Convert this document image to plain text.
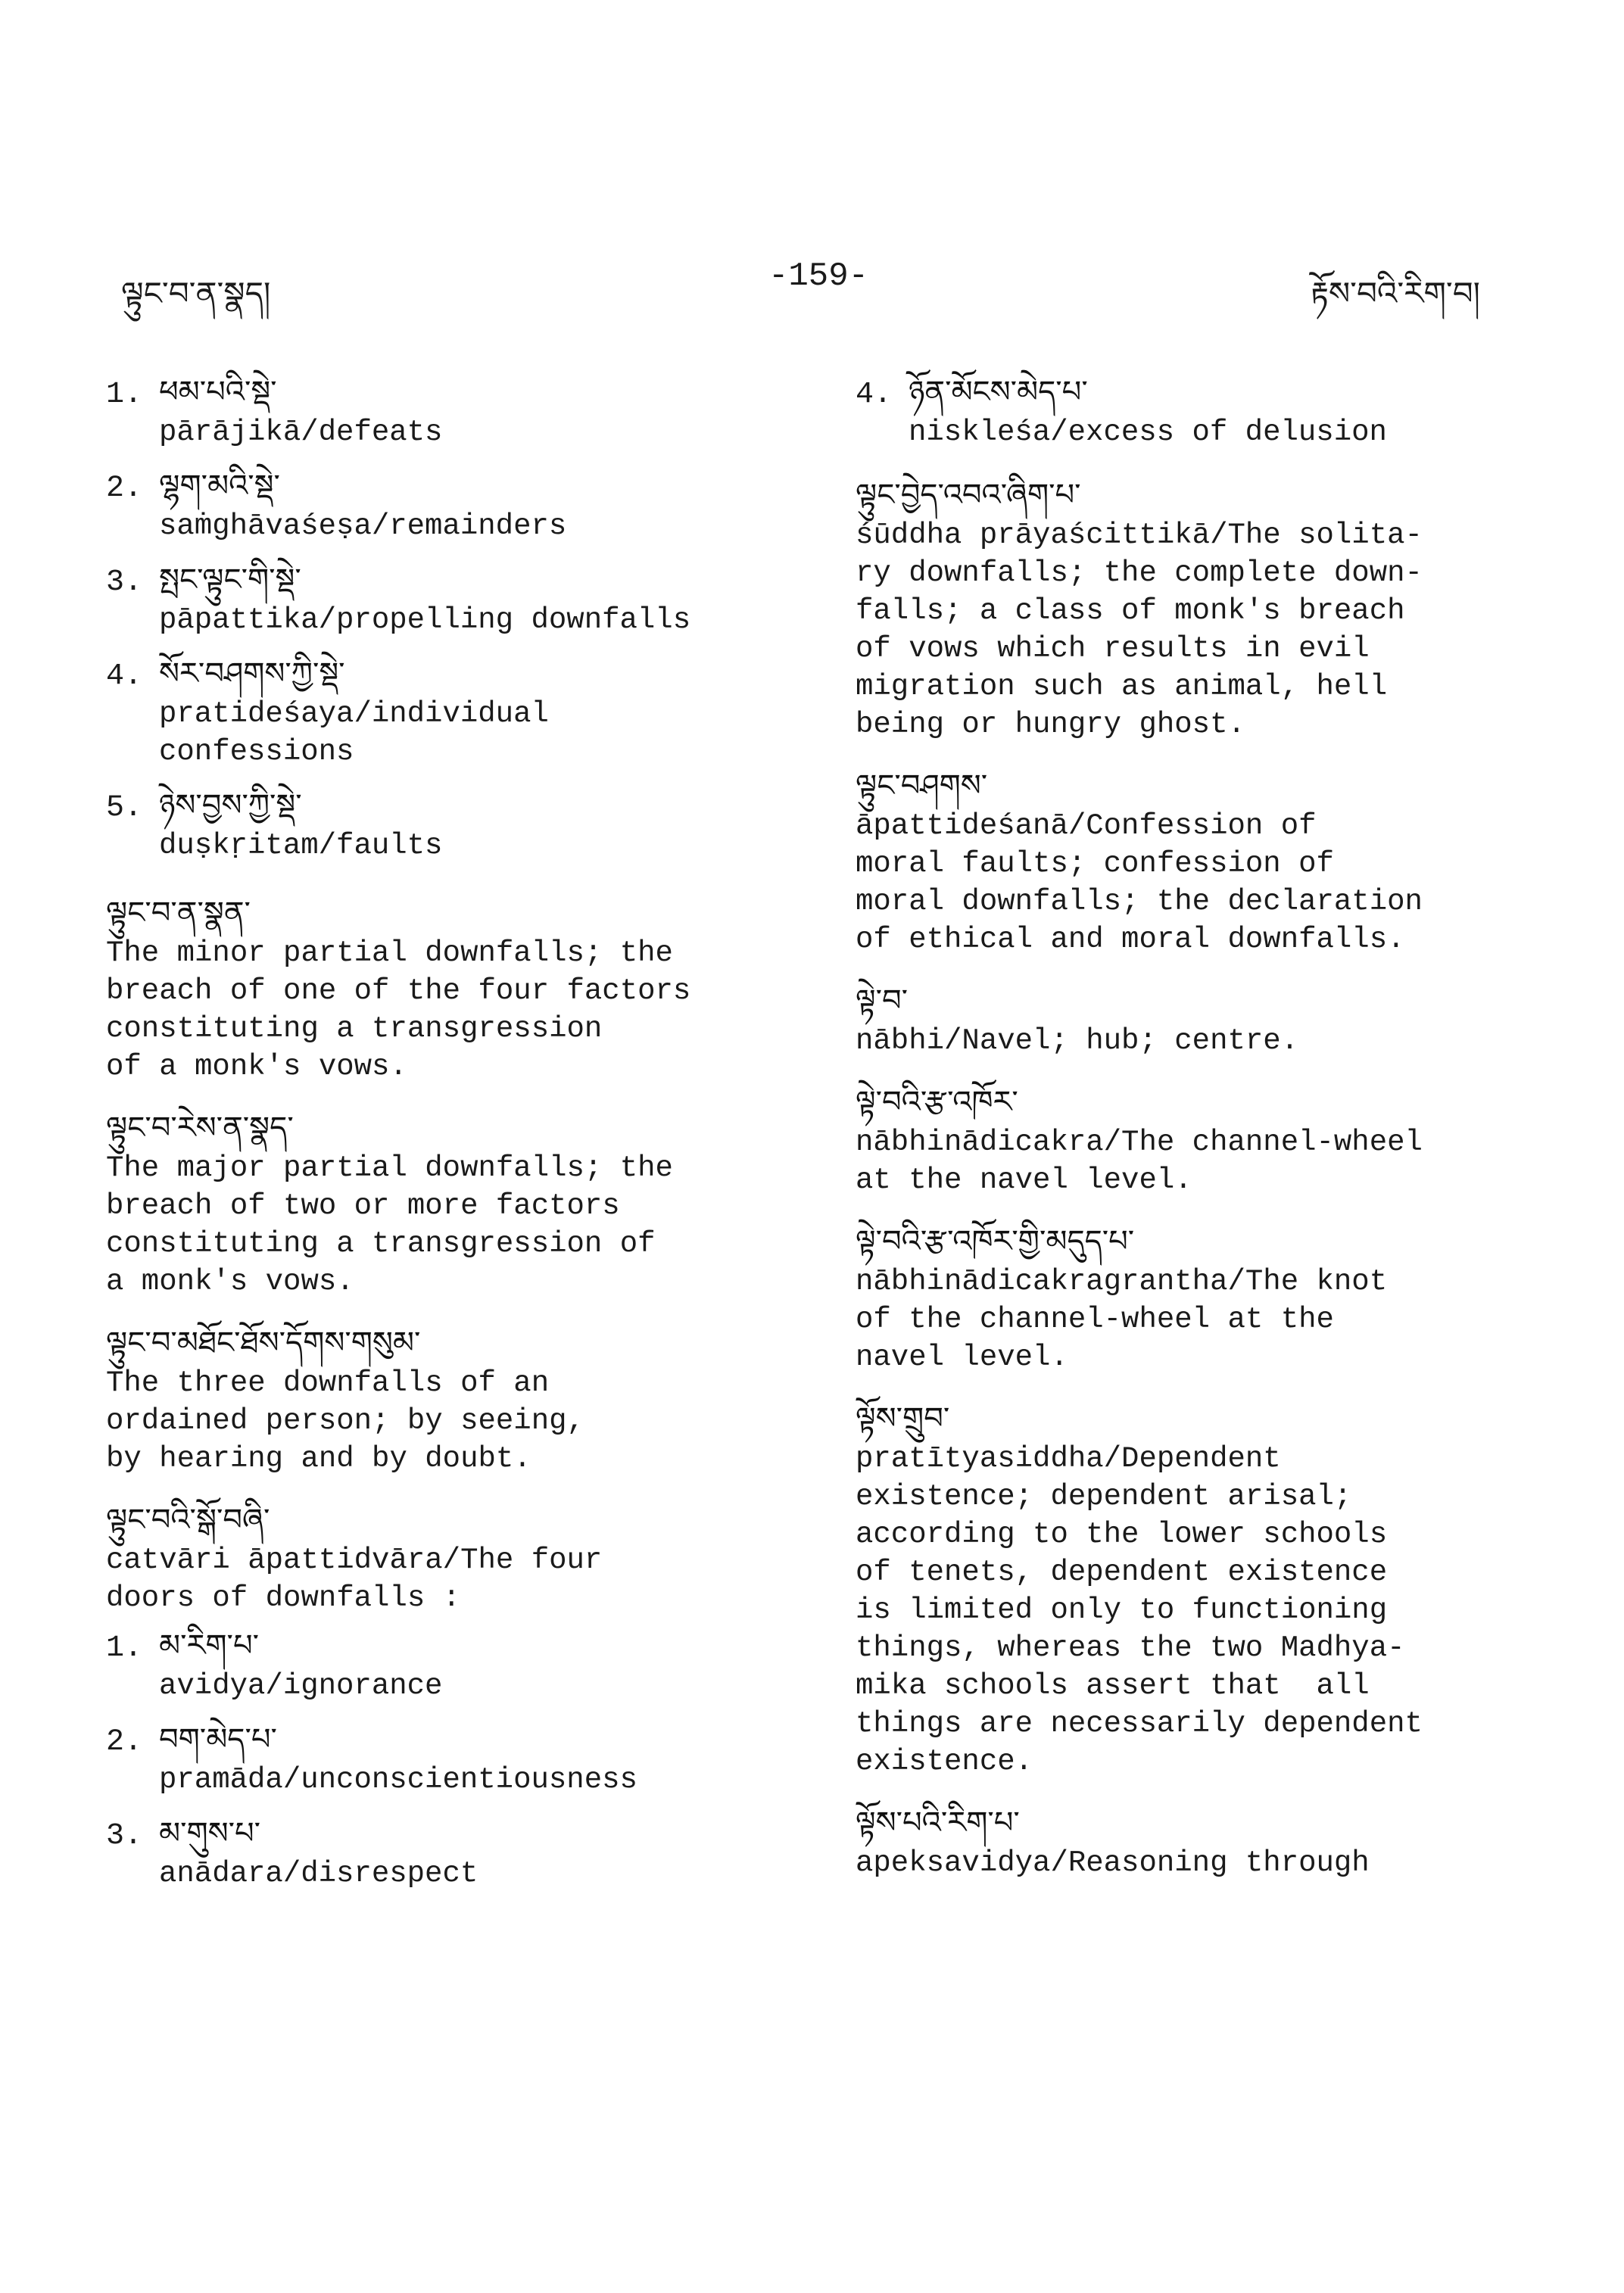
ལྟུང་བ་ན་སྣད།	-159-	རྟོས་བའི་རིག་བ།
1. ཕམ་པའི་སྡེ་
pārājikā/defeats
2. ལྷག་མའི་སྡེ་
saṁghāvaśeṣa/remainders
3. སྤང་ལྟུང་གི་སྡེ་
pāpattika/propelling downfalls
4. སོར་བཤགས་ཀྱི་སྡེ་
pratideśaya/individual
confessions
5. ཉེས་བྱས་ཀྱི་སྡེ་
duṣkṛitam/faults
ལྟུང་བ་ན་སྣན་
The minor partial downfalls; the
breach of one of the four factors
constituting a transgression
of a monk's vows.
ལྟུང་བ་རེས་ན་སྣད་
The major partial downfalls; the
breach of two or more factors
constituting a transgression of
a monk's vows.
ལྟུང་བ་མཐོང་ཐོས་དོགས་གསུམ་
The three downfalls of an
ordained person; by seeing,
by hearing and by doubt.
ལྟུང་བའི་སྒོ་བཞི་
catvāri āpattidvāra/The four
doors of downfalls :
1. མ་རིག་པ་
avidya/ignorance
2. བག་མེད་པ་
pramāda/unconscientiousness
3. མ་གུས་པ་
anādara/disrespect
4. ཉོན་མོངས་མེད་པ་
niskleśa/excess of delusion
ལྟུང་བྱེད་འབའ་ཞིག་པ་
śūddha prāyaścittikā/The solita-
ry downfalls; the complete down-
falls; a class of monk's breach
of vows which results in evil
migration such as animal, hell
being or hungry ghost.
ལྟུང་བཤགས་
āpattideśanā/Confession of
moral faults; confession of
moral downfalls; the declaration
of ethical and moral downfalls.
ལྟེ་བ་
nābhi/Navel; hub; centre.
ལྟེ་བའི་རྩ་འཁོར་
nābhinādicakra/The channel-wheel
at the navel level.
ལྟེ་བའི་རྩ་འཁོར་གྱི་མདུད་པ་
nābhinādicakragrantha/The knot
of the channel-wheel at the
navel level.
ལྟོས་གྲུབ་
pratītyasiddha/Dependent
existence; dependent arisal;
according to the lower schools
of tenets, dependent existence
is limited only to functioning
things, whereas the two Madhya-
mika schools assert that  all
things are necessarily dependent
existence.
ལྟོས་པའི་རིག་པ་
apeksavidya/Reasoning through
